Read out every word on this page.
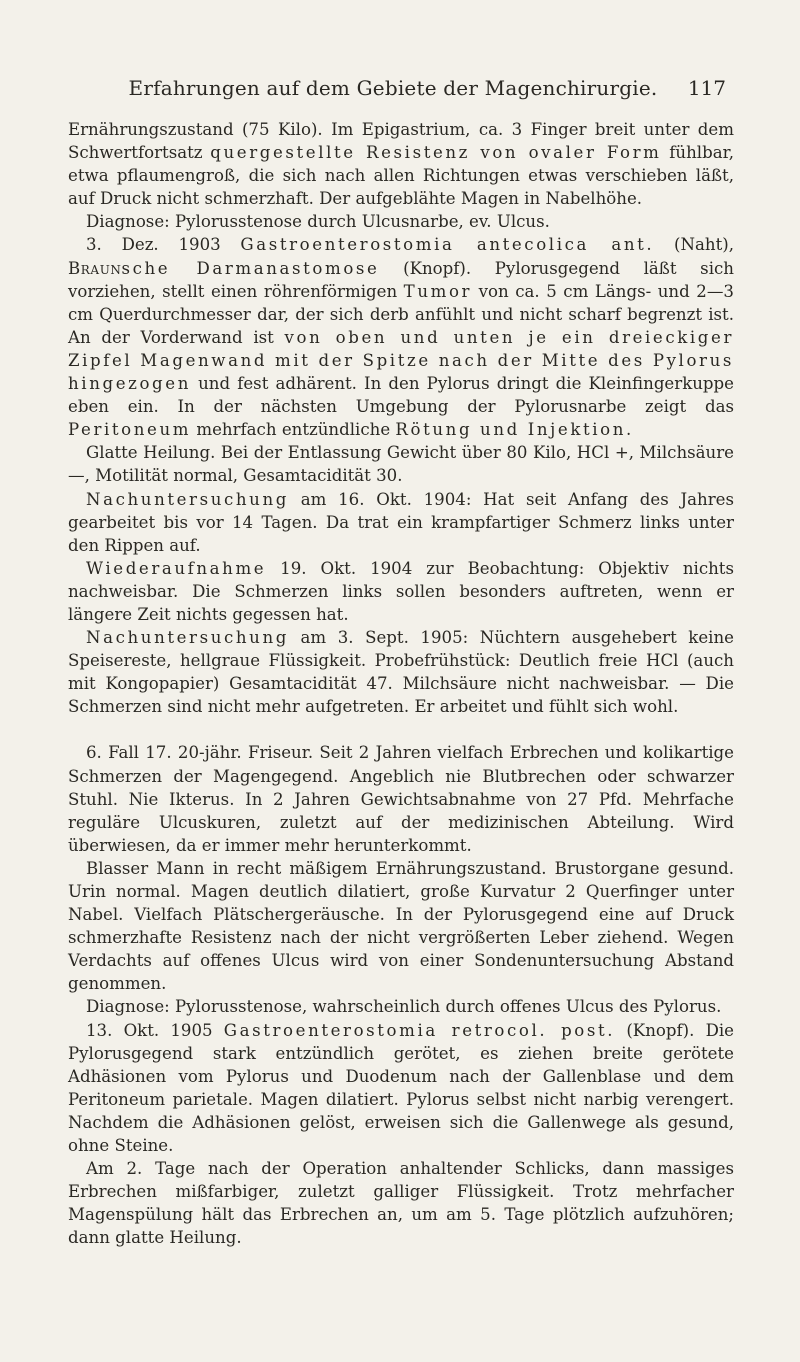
Erfahrungen auf dem Gebiete der Magenchirurgie.	117

Ernährungszustand (75 Kilo). Im Epigastrium, ca. 3 Finger breit unter dem Schwertfortsatz quergestellte Resistenz von ovaler Form fühlbar, etwa pflaumengroß, die sich nach allen Richtungen etwas verschieben läßt, auf Druck nicht schmerzhaft. Der aufgeblähte Magen in Nabelhöhe.

Diagnose: Pylorusstenose durch Ulcusnarbe, ev. Ulcus.

3. Dez. 1903 Gastroenterostomia antecolica ant. (Naht), Braunsche Darmanastomose (Knopf). Pylorusgegend läßt sich vorziehen, stellt einen röhrenförmigen Tumor von ca. 5 cm Längs- und 2—3 cm Querdurchmesser dar, der sich derb anfühlt und nicht scharf begrenzt ist. An der Vorderwand ist von oben und unten je ein dreieckiger Zipfel Magenwand mit der Spitze nach der Mitte des Pylorus hingezogen und fest adhärent. In den Pylorus dringt die Kleinfingerkuppe eben ein. In der nächsten Umgebung der Pylorusnarbe zeigt das Peritoneum mehrfach entzündliche Rötung und Injektion.

Glatte Heilung. Bei der Entlassung Gewicht über 80 Kilo, HCl +, Milchsäure —, Motilität normal, Gesamtacidität 30.

Nachuntersuchung am 16. Okt. 1904: Hat seit Anfang des Jahres gearbeitet bis vor 14 Tagen. Da trat ein krampfartiger Schmerz links unter den Rippen auf.

Wiederaufnahme 19. Okt. 1904 zur Beobachtung: Objektiv nichts nachweisbar. Die Schmerzen links sollen besonders auftreten, wenn er längere Zeit nichts gegessen hat.

Nachuntersuchung am 3. Sept. 1905: Nüchtern ausgehebert keine Speisereste, hellgraue Flüssigkeit. Probefrühstück: Deutlich freie HCl (auch mit Kongopapier) Gesamtacidität 47. Milchsäure nicht nachweisbar. — Die Schmerzen sind nicht mehr aufgetreten. Er arbeitet und fühlt sich wohl.

6. Fall 17. 20-jähr. Friseur. Seit 2 Jahren vielfach Erbrechen und kolikartige Schmerzen der Magengegend. Angeblich nie Blutbrechen oder schwarzer Stuhl. Nie Ikterus. In 2 Jahren Gewichtsabnahme von 27 Pfd. Mehrfache reguläre Ulcuskuren, zuletzt auf der medizinischen Abteilung. Wird überwiesen, da er immer mehr herunterkommt.

Blasser Mann in recht mäßigem Ernährungszustand. Brustorgane gesund. Urin normal. Magen deutlich dilatiert, große Kurvatur 2 Querfinger unter Nabel. Vielfach Plätschergeräusche. In der Pylorusgegend eine auf Druck schmerzhafte Resistenz nach der nicht vergrößerten Leber ziehend. Wegen Verdachts auf offenes Ulcus wird von einer Sondenuntersuchung Abstand genommen.

Diagnose: Pylorusstenose, wahrscheinlich durch offenes Ulcus des Pylorus.

13. Okt. 1905 Gastroenterostomia retrocol. post. (Knopf). Die Pylorusgegend stark entzündlich gerötet, es ziehen breite gerötete Adhäsionen vom Pylorus und Duodenum nach der Gallenblase und dem Peritoneum parietale. Magen dilatiert. Pylorus selbst nicht narbig verengert. Nachdem die Adhäsionen gelöst, erweisen sich die Gallenwege als gesund, ohne Steine.

Am 2. Tage nach der Operation anhaltender Schlicks, dann massiges Erbrechen mißfarbiger, zuletzt galliger Flüssigkeit. Trotz mehrfacher Magenspülung hält das Erbrechen an, um am 5. Tage plötzlich aufzuhören; dann glatte Heilung.
